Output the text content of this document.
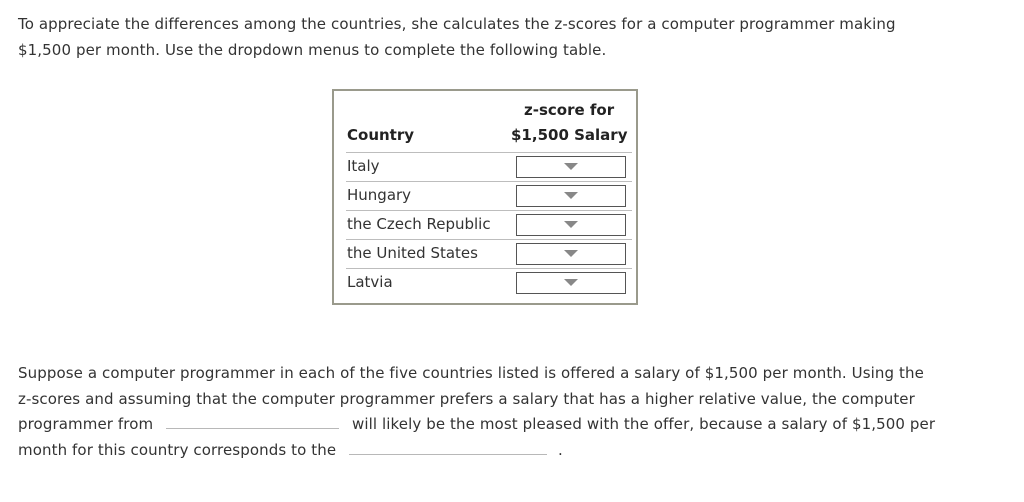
To appreciate the differences among the countries, she calculates the z-scores for a computer programmer making
$1,500 per month. Use the dropdown menus to complete the following table.
z-score for
$1,500 Salary
Country
Italy
Hungary
the Czech Republic
the United States
Latvia
Suppose a computer programmer in each of the five countries listed is offered a salary of $1,500 per month. Using the
z-scores and assuming that the computer programmer prefers a salary that has a higher relative value, the computer
programmer from	will likely be the most pleased with the offer, because a salary of $1,500 per
month for this country corresponds to the	.
